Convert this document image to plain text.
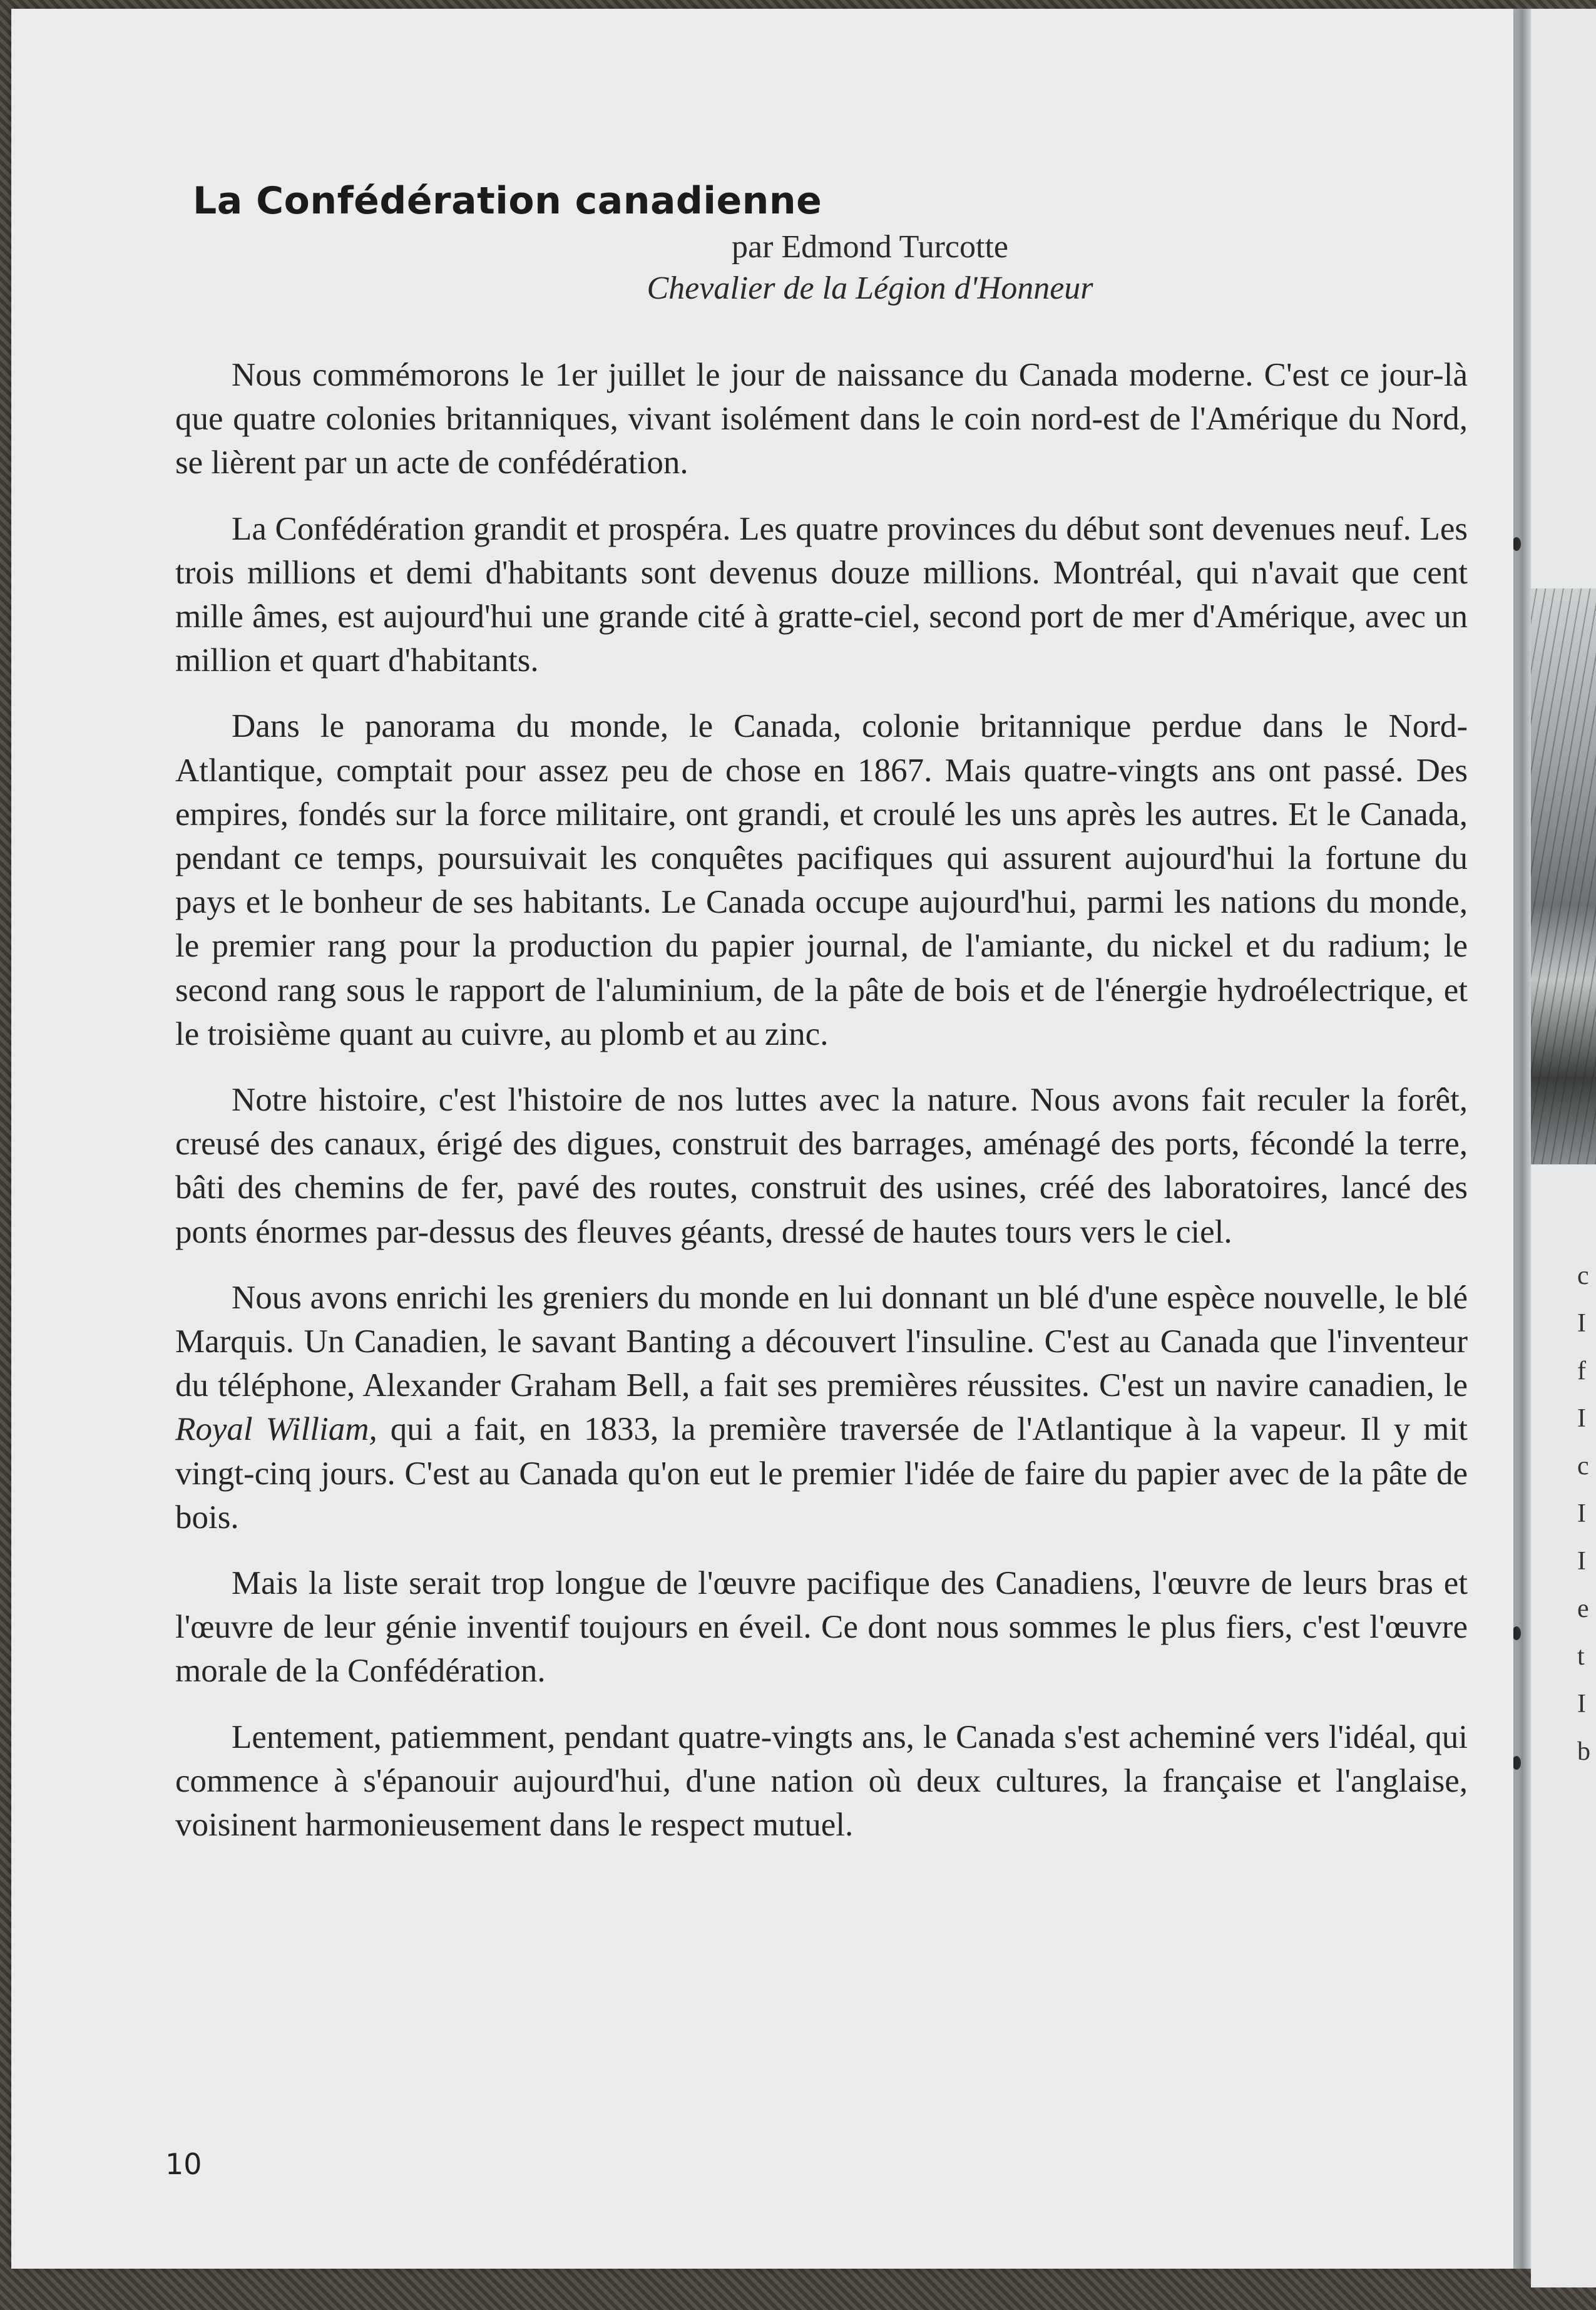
c
I
f
I
c
I
I
e
t
I
b
La Confédération canadienne
par Edmond Turcotte
Chevalier de la Légion d'Honneur

Nous commémorons le 1er juillet le jour de naissance du Canada moderne. C'est ce jour-là que quatre colonies britanniques, vivant isolément dans le coin nord-est de l'Amérique du Nord, se lièrent par un acte de confédération.

La Confédération grandit et prospéra. Les quatre provinces du début sont devenues neuf. Les trois millions et demi d'habitants sont devenus douze millions. Montréal, qui n'avait que cent mille âmes, est aujourd'hui une grande cité à gratte-ciel, second port de mer d'Amérique, avec un million et quart d'habitants.

Dans le panorama du monde, le Canada, colonie britannique perdue dans le Nord-Atlantique, comptait pour assez peu de chose en 1867. Mais quatre-vingts ans ont passé. Des empires, fondés sur la force militaire, ont grandi, et croulé les uns après les autres. Et le Canada, pendant ce temps, poursuivait les conquêtes pacifiques qui assurent aujourd'hui la fortune du pays et le bonheur de ses habitants. Le Canada occupe aujourd'hui, parmi les nations du monde, le premier rang pour la production du papier journal, de l'amiante, du nickel et du radium; le second rang sous le rapport de l'aluminium, de la pâte de bois et de l'énergie hydroélectrique, et le troisième quant au cuivre, au plomb et au zinc.

Notre histoire, c'est l'histoire de nos luttes avec la nature. Nous avons fait reculer la forêt, creusé des canaux, érigé des digues, construit des barrages, aménagé des ports, fécondé la terre, bâti des chemins de fer, pavé des routes, construit des usines, créé des laboratoires, lancé des ponts énormes par-dessus des fleuves géants, dressé de hautes tours vers le ciel.

Nous avons enrichi les greniers du monde en lui donnant un blé d'une espèce nouvelle, le blé Marquis. Un Canadien, le savant Banting a découvert l'insuline. C'est au Canada que l'inventeur du téléphone, Alexander Graham Bell, a fait ses premières réussites. C'est un navire canadien, le Royal William, qui a fait, en 1833, la première traversée de l'Atlantique à la vapeur. Il y mit vingt-cinq jours. C'est au Canada qu'on eut le premier l'idée de faire du papier avec de la pâte de bois.

Mais la liste serait trop longue de l'œuvre pacifique des Canadiens, l'œuvre de leurs bras et l'œuvre de leur génie inventif toujours en éveil. Ce dont nous sommes le plus fiers, c'est l'œuvre morale de la Confédération.

Lentement, patiemment, pendant quatre-vingts ans, le Canada s'est acheminé vers l'idéal, qui commence à s'épanouir aujourd'hui, d'une nation où deux cultures, la française et l'anglaise, voisinent harmonieusement dans le respect mutuel.

10
